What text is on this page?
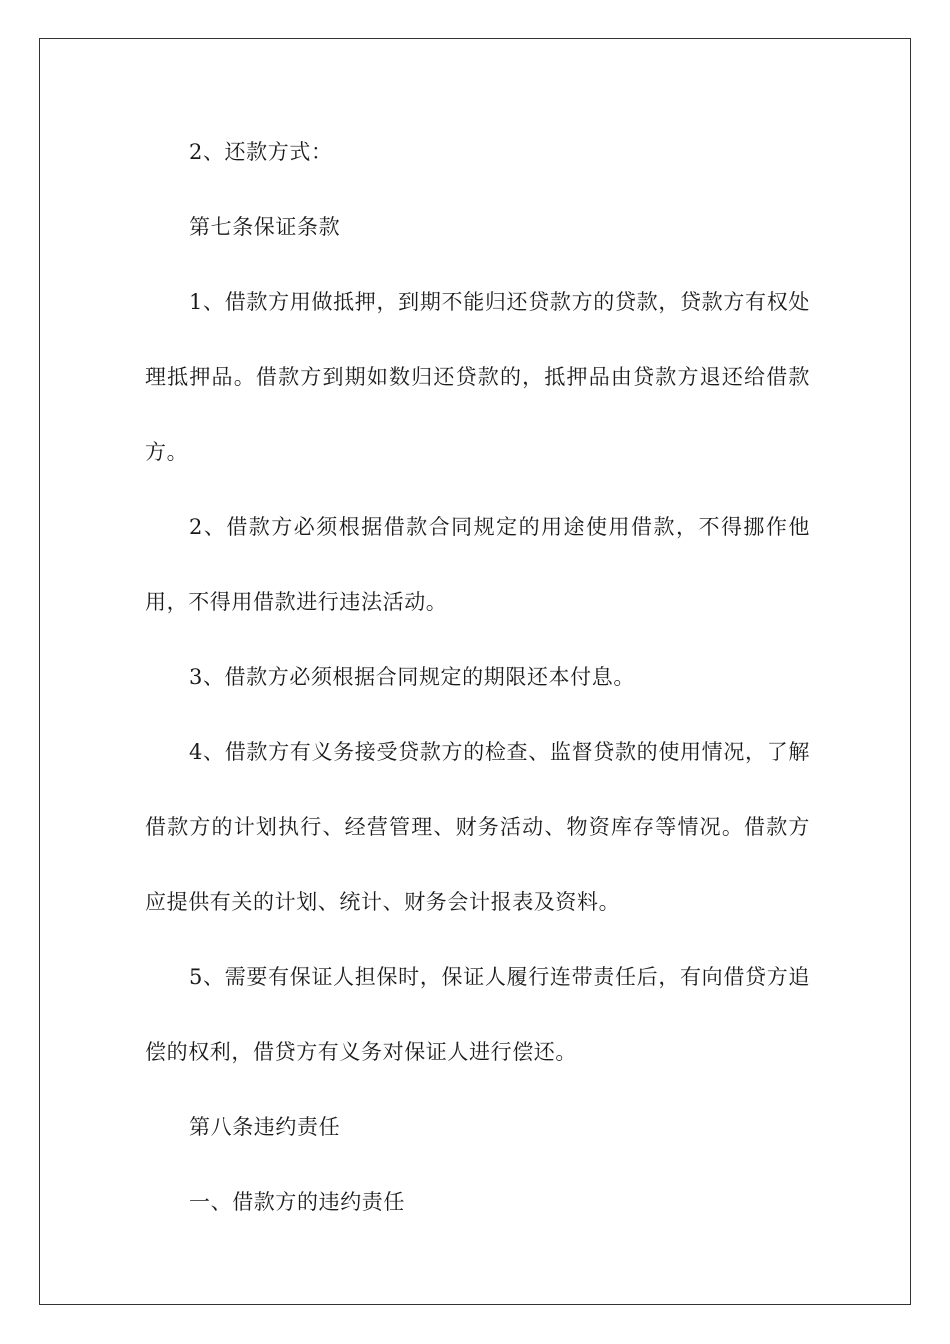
2、还款方式：

第七条保证条款

1、借款方用做抵押，到期不能归还贷款方的贷款，贷款方有权处理抵押品。借款方到期如数归还贷款的，抵押品由贷款方退还给借款方。

2、借款方必须根据借款合同规定的用途使用借款，不得挪作他用，不得用借款进行违法活动。

3、借款方必须根据合同规定的期限还本付息。

4、借款方有义务接受贷款方的检查、监督贷款的使用情况，了解借款方的计划执行、经营管理、财务活动、物资库存等情况。借款方应提供有关的计划、统计、财务会计报表及资料。

5、需要有保证人担保时，保证人履行连带责任后，有向借贷方追偿的权利，借贷方有义务对保证人进行偿还。

第八条违约责任

一、借款方的违约责任
